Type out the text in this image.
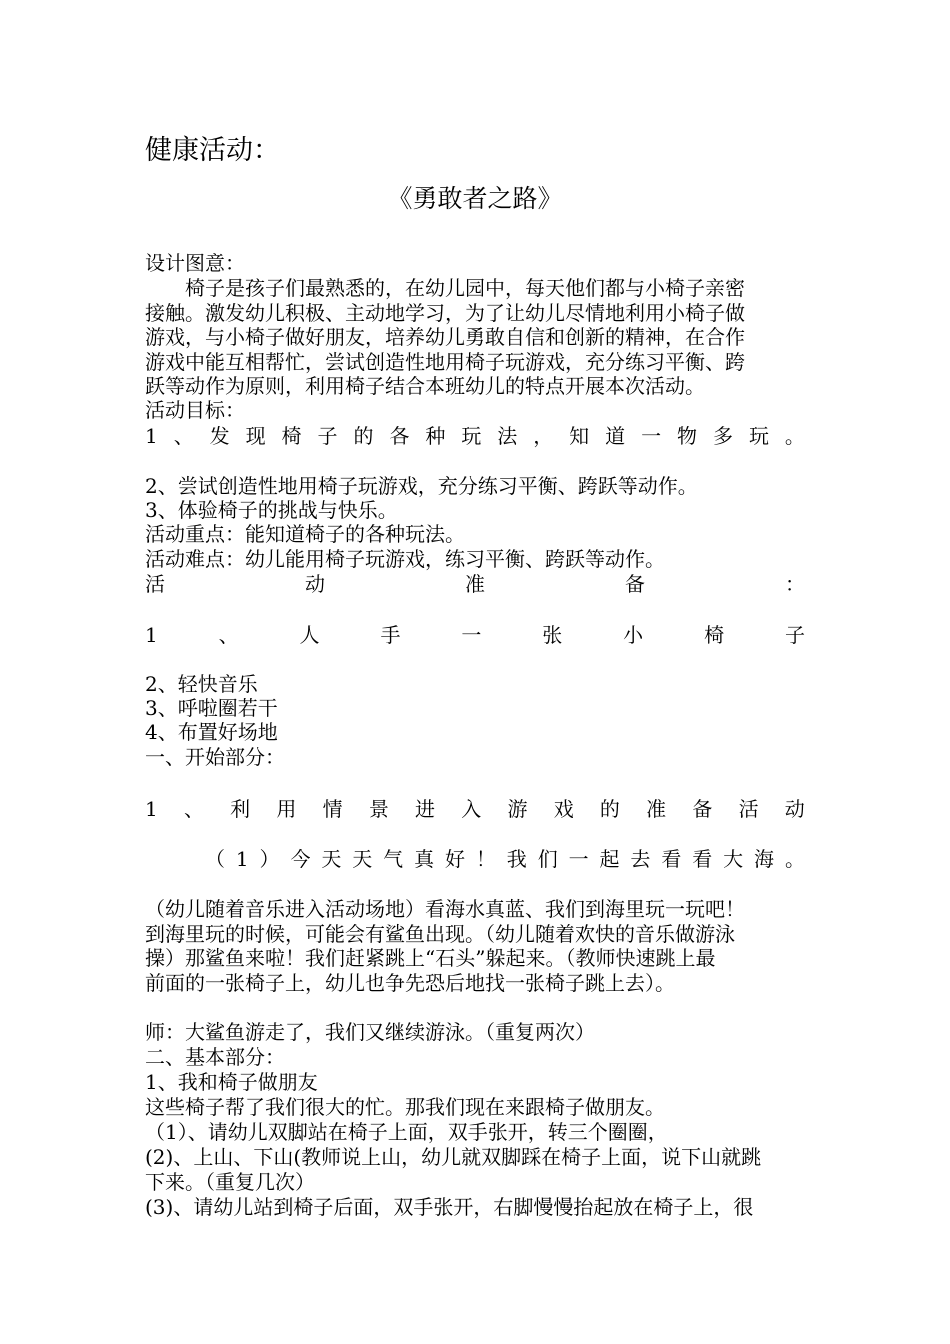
健康活动：
《勇敢者之路》
设计图意：
椅子是孩子们最熟悉的，在幼儿园中，每天他们都与小椅子亲密
接触。激发幼儿积极、主动地学习，为了让幼儿尽情地利用小椅子做
游戏，与小椅子做好朋友，培养幼儿勇敢自信和创新的精神，在合作
游戏中能互相帮忙，尝试创造性地用椅子玩游戏，充分练习平衡、跨
跃等动作为原则，利用椅子结合本班幼儿的特点开展本次活动。
活动目标：
1 、 发 现 椅 子 的 各 种 玩 法 ， 知 道 一 物 多 玩 。
2、尝试创造性地用椅子玩游戏，充分练习平衡、跨跃等动作。
3、体验椅子的挑战与快乐。
活动重点：能知道椅子的各种玩法。
活动难点：幼儿能用椅子玩游戏，练习平衡、跨跃等动作。
活	动	准	备	：
1	、	人	手	一	张	小	椅	子
2、轻快音乐
3、呼啦圈若干
4、布置好场地
一、开始部分：
1 、 利 用 情 景 进 入 游 戏 的 准 备 活 动
（ 1 ） 今 天 天 气 真 好 ！ 我 们 一 起 去 看 看 大 海 。
（幼儿随着音乐进入活动场地）看海水真蓝、我们到海里玩一玩吧！
到海里玩的时候，可能会有鲨鱼出现。（幼儿随着欢快的音乐做游泳
操）那鲨鱼来啦！我们赶紧跳上“石头”躲起来。（教师快速跳上最
前面的一张椅子上，幼儿也争先恐后地找一张椅子跳上去）。
师：大鲨鱼游走了，我们又继续游泳。（重复两次）
二、基本部分：
1、我和椅子做朋友
这些椅子帮了我们很大的忙。那我们现在来跟椅子做朋友。
（1）、请幼儿双脚站在椅子上面，双手张开，转三个圈圈，
(2)、上山、下山(教师说上山，幼儿就双脚踩在椅子上面，说下山就跳
下来。（重复几次）
(3)、请幼儿站到椅子后面，双手张开，右脚慢慢抬起放在椅子上，很
